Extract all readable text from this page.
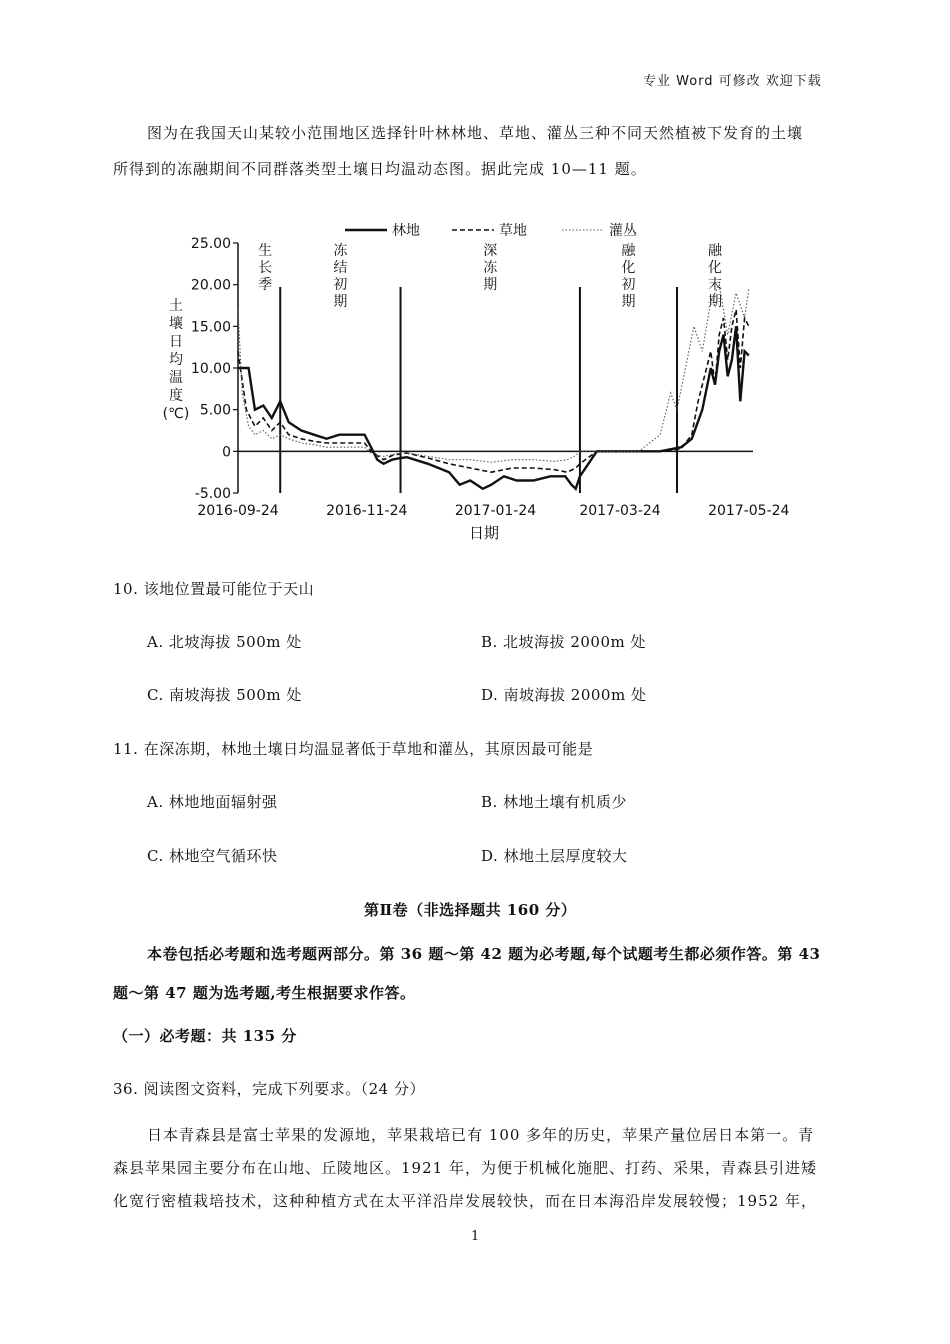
专业 Word 可修改 欢迎下载
图为在我国天山某较小范围地区选择针叶林林地、草地、灌丛三种不同天然植被下发育的土壤
所得到的冻融期间不同群落类型土壤日均温动态图。据此完成 10—11 题。
25.00
20.00
15.00
10.00
5.00
0
-5.00
2016-09-24	2016-11-24	2017-01-24	2017-03-24	2017-05-24
生
长
季
冻
结
初
期
深
冻
期
融
化
初
期
融
化
末
期
林地	草地	灌丛
土
壤
日
均
温
度
(℃)
日期
10. 该地位置最可能位于天山
A. 北坡海拔 500m 处	B. 北坡海拔 2000m 处
C. 南坡海拔 500m 处	D. 南坡海拔 2000m 处
11. 在深冻期，林地土壤日均温显著低于草地和灌丛，其原因最可能是
A. 林地地面辐射强	B. 林地土壤有机质少
C. 林地空气循环快	D. 林地土层厚度较大
第Ⅱ卷（非选择题共 160 分）
本卷包括必考题和选考题两部分。第 36 题～第 42 题为必考题,每个试题考生都必须作答。第 43
题～第 47 题为选考题,考生根据要求作答。
（一）必考题：共 135 分
36. 阅读图文资料，完成下列要求。（24 分）
日本青森县是富士苹果的发源地，苹果栽培已有 100 多年的历史，苹果产量位居日本第一。青
森县苹果园主要分布在山地、丘陵地区。1921 年，为便于机械化施肥、打药、采果，青森县引进矮
化宽行密植栽培技术，这种种植方式在太平洋沿岸发展较快，而在日本海沿岸发展较慢；1952 年，
1
